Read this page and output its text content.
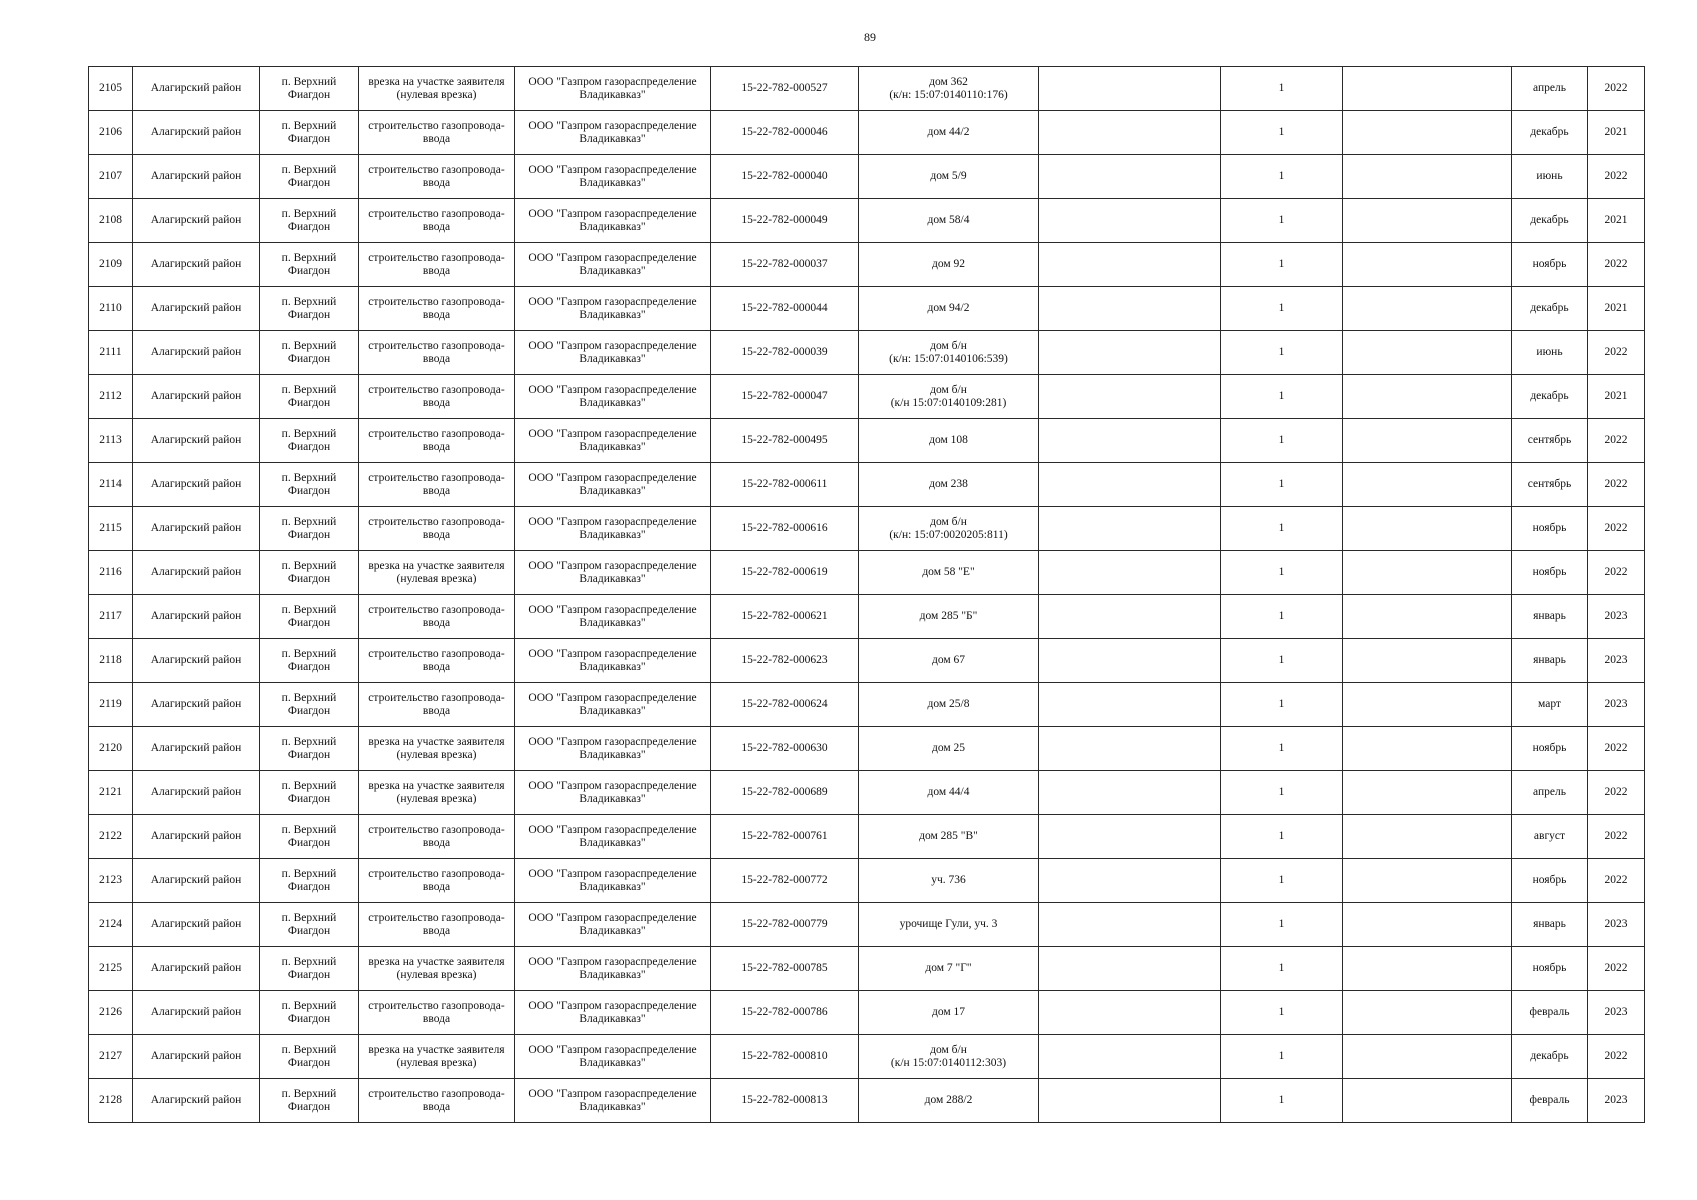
89
2105	Алагирский район	п. Верхний Фиагдон	врезка на участке заявителя (нулевая врезка)	ООО "Газпром газораспределение Владикавказ"	15-22-782-000527	дом 362
(к/н: 15:07:0140110:176)		1		апрель	2022
2106	Алагирский район	п. Верхний Фиагдон	строительство газопровода-ввода	ООО "Газпром газораспределение Владикавказ"	15-22-782-000046	дом 44/2		1		декабрь	2021
2107	Алагирский район	п. Верхний Фиагдон	строительство газопровода-ввода	ООО "Газпром газораспределение Владикавказ"	15-22-782-000040	дом 5/9		1		июнь	2022
2108	Алагирский район	п. Верхний Фиагдон	строительство газопровода-ввода	ООО "Газпром газораспределение Владикавказ"	15-22-782-000049	дом 58/4		1		декабрь	2021
2109	Алагирский район	п. Верхний Фиагдон	строительство газопровода-ввода	ООО "Газпром газораспределение Владикавказ"	15-22-782-000037	дом 92		1		ноябрь	2022
2110	Алагирский район	п. Верхний Фиагдон	строительство газопровода-ввода	ООО "Газпром газораспределение Владикавказ"	15-22-782-000044	дом 94/2		1		декабрь	2021
2111	Алагирский район	п. Верхний Фиагдон	строительство газопровода-ввода	ООО "Газпром газораспределение Владикавказ"	15-22-782-000039	дом б/н
(к/н: 15:07:0140106:539)		1		июнь	2022
2112	Алагирский район	п. Верхний Фиагдон	строительство газопровода-ввода	ООО "Газпром газораспределение Владикавказ"	15-22-782-000047	дом б/н
(к/н 15:07:0140109:281)		1		декабрь	2021
2113	Алагирский район	п. Верхний Фиагдон	строительство газопровода-ввода	ООО "Газпром газораспределение Владикавказ"	15-22-782-000495	дом 108		1		сентябрь	2022
2114	Алагирский район	п. Верхний Фиагдон	строительство газопровода-ввода	ООО "Газпром газораспределение Владикавказ"	15-22-782-000611	дом 238		1		сентябрь	2022
2115	Алагирский район	п. Верхний Фиагдон	строительство газопровода-ввода	ООО "Газпром газораспределение Владикавказ"	15-22-782-000616	дом б/н
(к/н: 15:07:0020205:811)		1		ноябрь	2022
2116	Алагирский район	п. Верхний Фиагдон	врезка на участке заявителя (нулевая врезка)	ООО "Газпром газораспределение Владикавказ"	15-22-782-000619	дом 58 "Е"		1		ноябрь	2022
2117	Алагирский район	п. Верхний Фиагдон	строительство газопровода-ввода	ООО "Газпром газораспределение Владикавказ"	15-22-782-000621	дом 285 "Б"		1		январь	2023
2118	Алагирский район	п. Верхний Фиагдон	строительство газопровода-ввода	ООО "Газпром газораспределение Владикавказ"	15-22-782-000623	дом 67		1		январь	2023
2119	Алагирский район	п. Верхний Фиагдон	строительство газопровода-ввода	ООО "Газпром газораспределение Владикавказ"	15-22-782-000624	дом 25/8		1		март	2023
2120	Алагирский район	п. Верхний Фиагдон	врезка на участке заявителя (нулевая врезка)	ООО "Газпром газораспределение Владикавказ"	15-22-782-000630	дом 25		1		ноябрь	2022
2121	Алагирский район	п. Верхний Фиагдон	врезка на участке заявителя (нулевая врезка)	ООО "Газпром газораспределение Владикавказ"	15-22-782-000689	дом 44/4		1		апрель	2022
2122	Алагирский район	п. Верхний Фиагдон	строительство газопровода-ввода	ООО "Газпром газораспределение Владикавказ"	15-22-782-000761	дом 285 "В"		1		август	2022
2123	Алагирский район	п. Верхний Фиагдон	строительство газопровода-ввода	ООО "Газпром газораспределение Владикавказ"	15-22-782-000772	уч. 736		1		ноябрь	2022
2124	Алагирский район	п. Верхний Фиагдон	строительство газопровода-ввода	ООО "Газпром газораспределение Владикавказ"	15-22-782-000779	урочище Гули, уч. 3		1		январь	2023
2125	Алагирский район	п. Верхний Фиагдон	врезка на участке заявителя (нулевая врезка)	ООО "Газпром газораспределение Владикавказ"	15-22-782-000785	дом 7 "Г"		1		ноябрь	2022
2126	Алагирский район	п. Верхний Фиагдон	строительство газопровода-ввода	ООО "Газпром газораспределение Владикавказ"	15-22-782-000786	дом 17		1		февраль	2023
2127	Алагирский район	п. Верхний Фиагдон	врезка на участке заявителя (нулевая врезка)	ООО "Газпром газораспределение Владикавказ"	15-22-782-000810	дом б/н
(к/н 15:07:0140112:303)		1		декабрь	2022
2128	Алагирский район	п. Верхний Фиагдон	строительство газопровода-ввода	ООО "Газпром газораспределение Владикавказ"	15-22-782-000813	дом 288/2		1		февраль	2023
